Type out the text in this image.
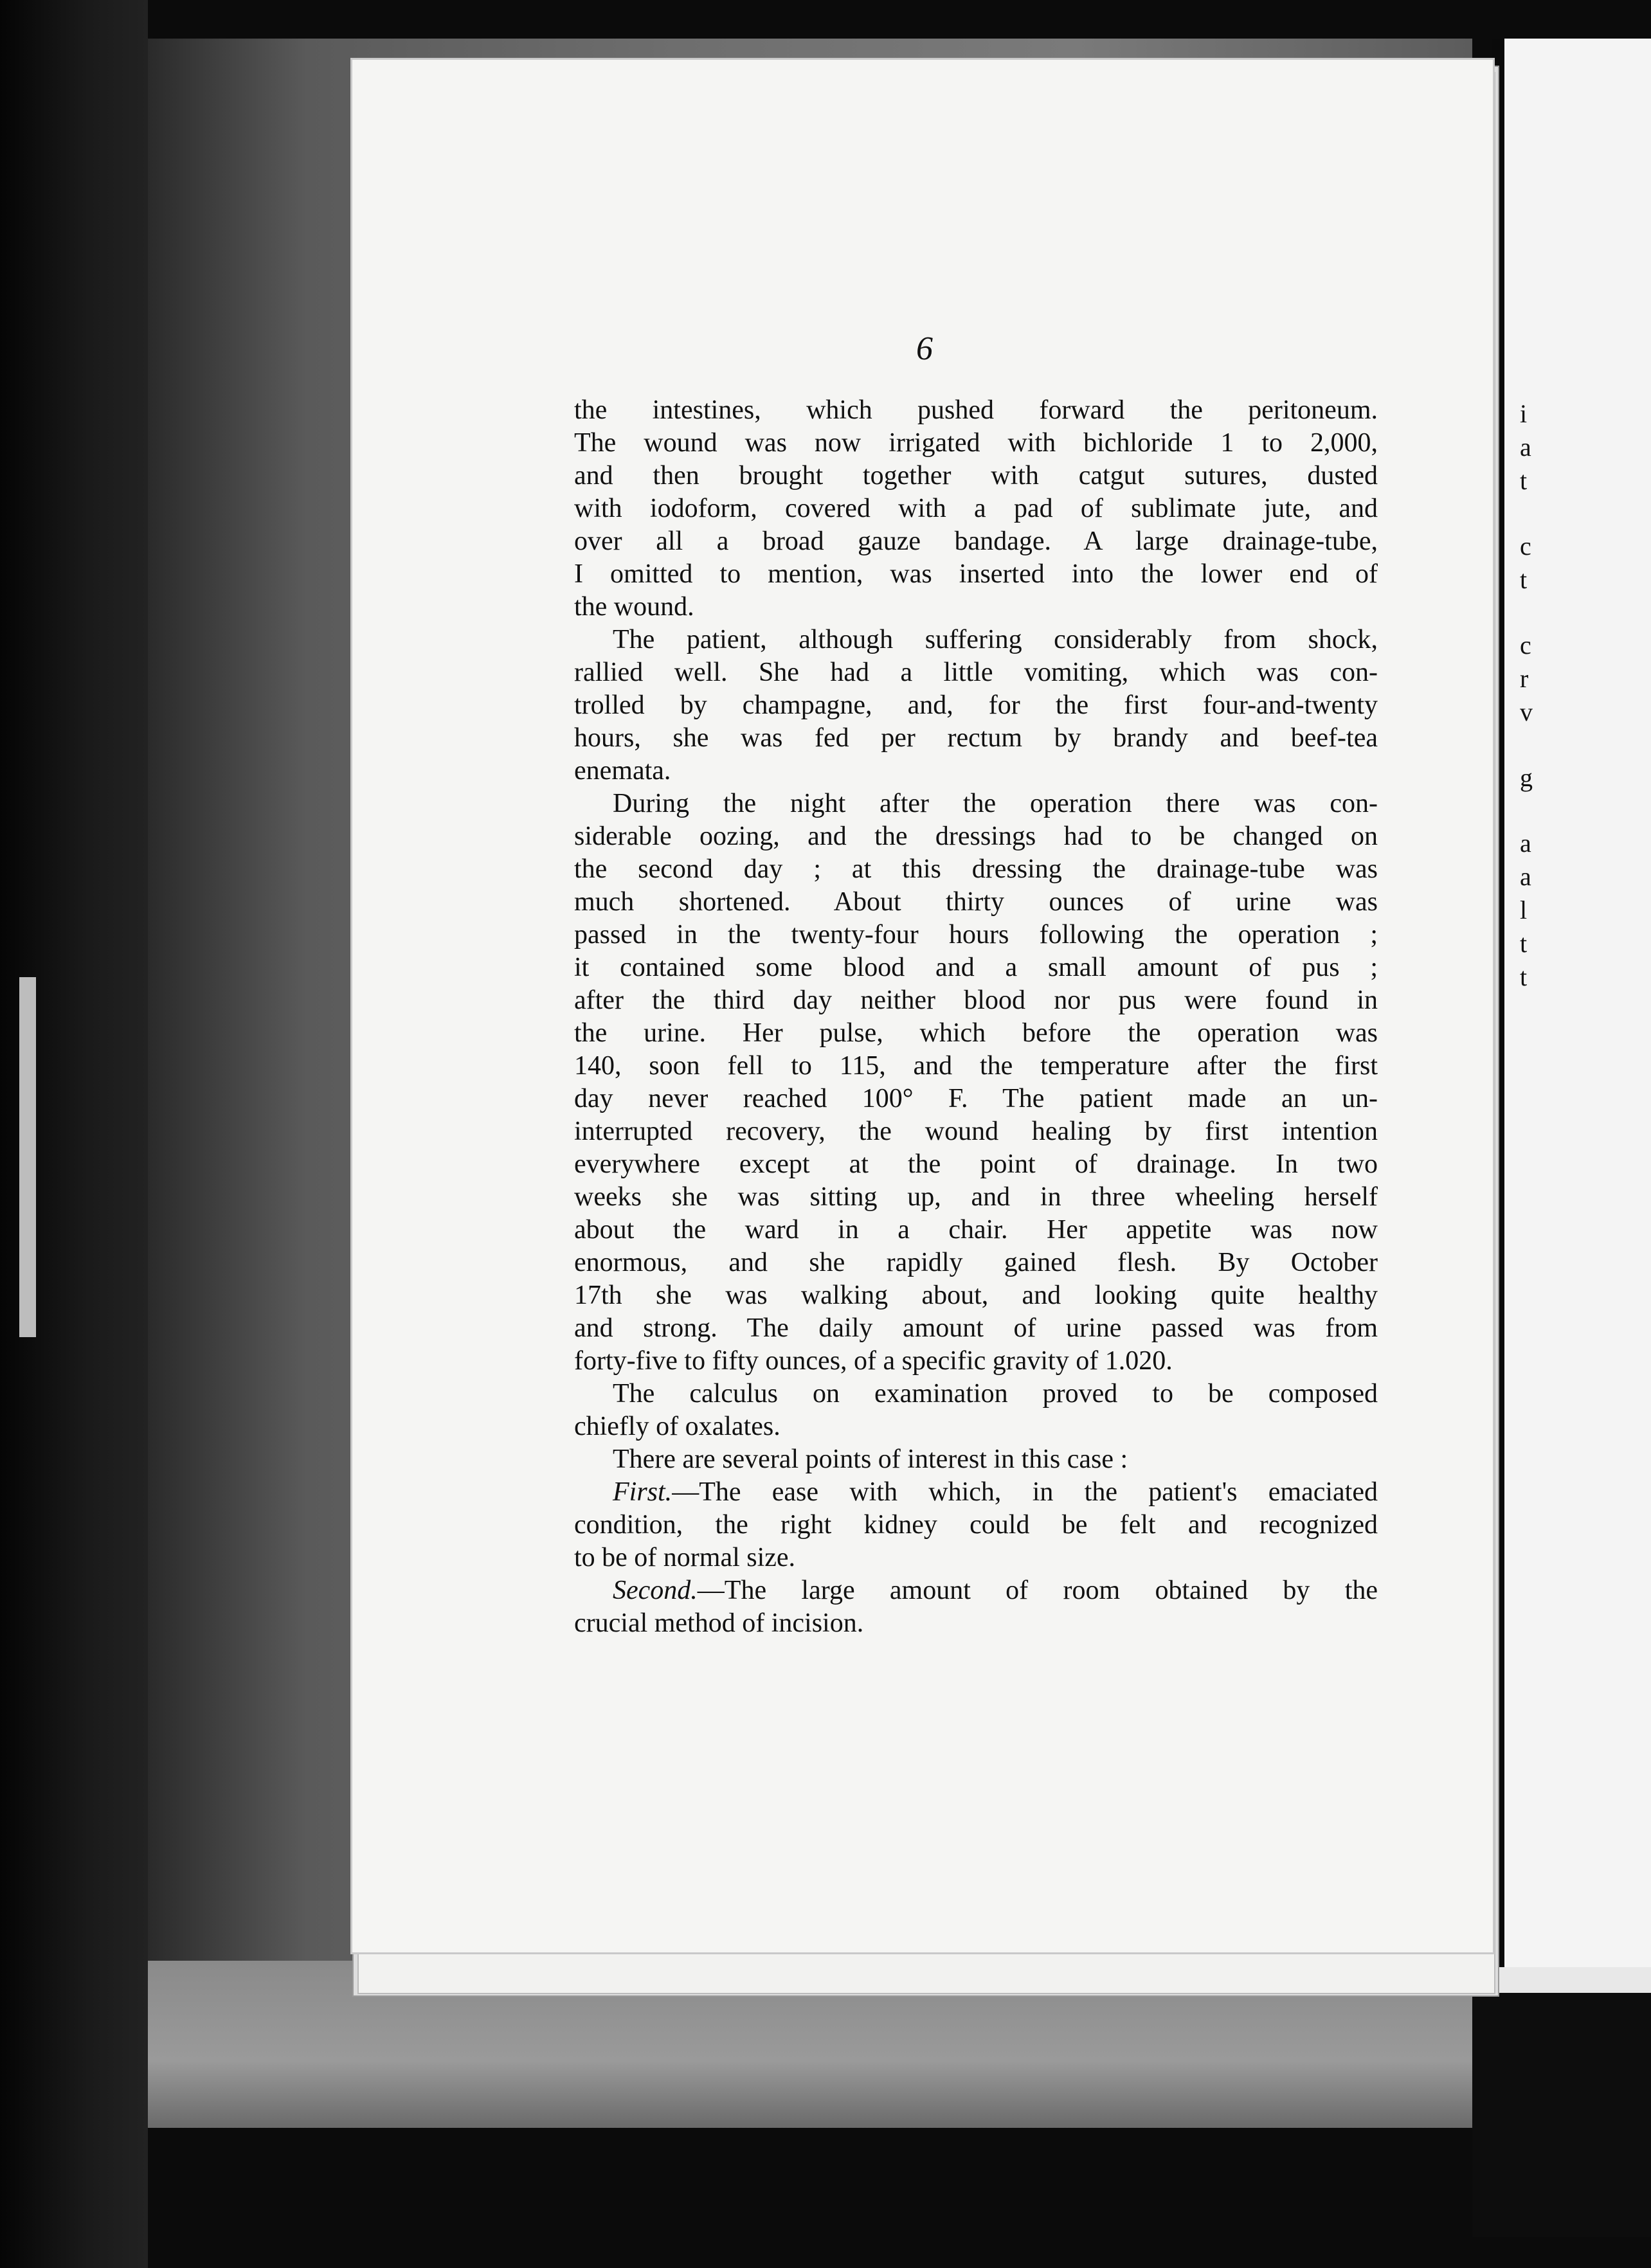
i
a
t
c
t
c
r
v
g
a
a
l
t
t
6
the intestines, which pushed forward the peritoneum.
The wound was now irrigated with bichloride 1 to 2,000,
and then brought together with catgut sutures, dusted
with iodoform, covered with a pad of sublimate jute, and
over all a broad gauze bandage. A large drainage-tube,
I omitted to mention, was inserted into the lower end of
the wound.
The patient, although suffering considerably from shock,
rallied well. She had a little vomiting, which was con-
trolled by champagne, and, for the first four-and-twenty
hours, she was fed per rectum by brandy and beef-tea
enemata.
During the night after the operation there was con-
siderable oozing, and the dressings had to be changed on
the second day ; at this dressing the drainage-tube was
much shortened. About thirty ounces of urine was
passed in the twenty-four hours following the operation ;
it contained some blood and a small amount of pus ;
after the third day neither blood nor pus were found in
the urine. Her pulse, which before the operation was
140, soon fell to 115, and the temperature after the first
day never reached 100° F. The patient made an un-
interrupted recovery, the wound healing by first intention
everywhere except at the point of drainage. In two
weeks she was sitting up, and in three wheeling herself
about the ward in a chair. Her appetite was now
enormous, and she rapidly gained flesh. By October
17th she was walking about, and looking quite healthy
and strong. The daily amount of urine passed was from
forty-five to fifty ounces, of a specific gravity of 1.020.
The calculus on examination proved to be composed
chiefly of oxalates.
There are several points of interest in this case :
First.—The ease with which, in the patient's emaciated
condition, the right kidney could be felt and recognized
to be of normal size.
Second.—The large amount of room obtained by the
crucial method of incision.
